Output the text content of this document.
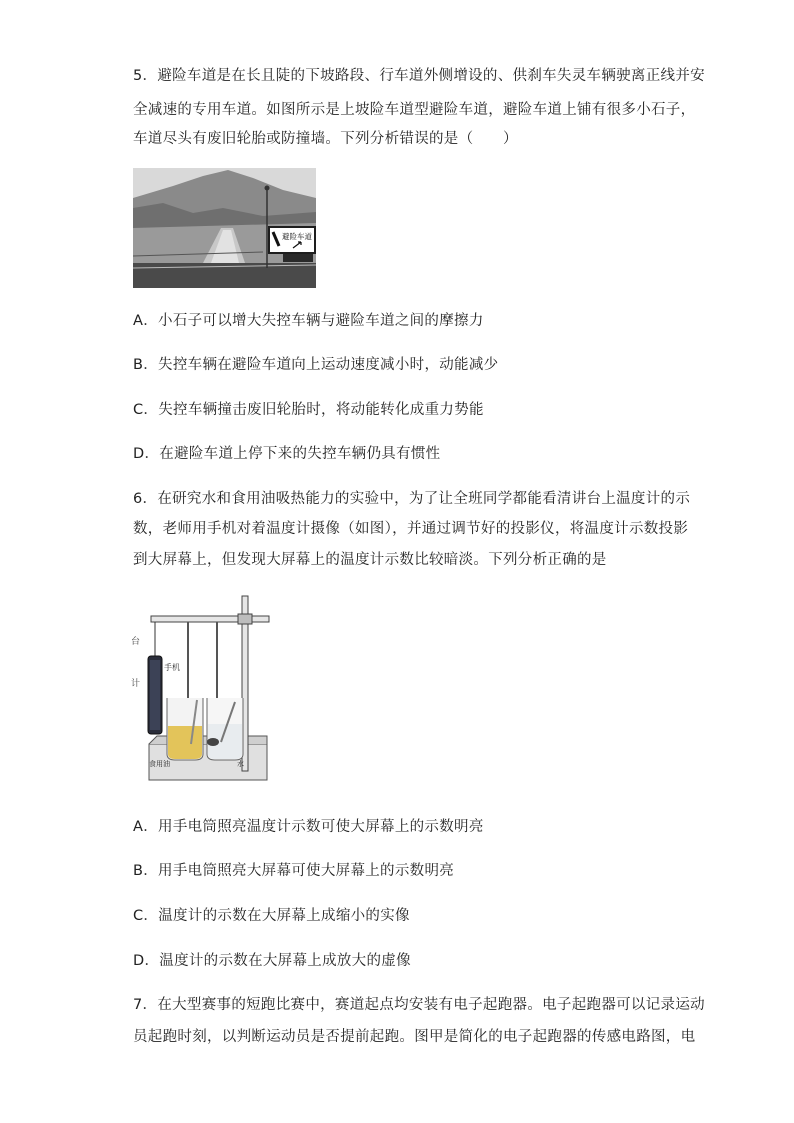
5．避险车道是在长且陡的下坡路段、行车道外侧增设的、供刹车失灵车辆驶离正线并安
全减速的专用车道。如图所示是上坡险车道型避险车道，避险车道上铺有很多小石子，
车道尽头有废旧轮胎或防撞墙。下列分析错误的是（　　）
避险车道
A．小石子可以增大失控车辆与避险车道之间的摩擦力
B．失控车辆在避险车道向上运动速度减小时，动能减少
C．失控车辆撞击废旧轮胎时，将动能转化成重力势能
D．在避险车道上停下来的失控车辆仍具有惯性
6．在研究水和食用油吸热能力的实验中，为了让全班同学都能看清讲台上温度计的示
数，老师用手机对着温度计摄像（如图），并通过调节好的投影仪，将温度计示数投影
到大屏幕上，但发现大屏幕上的温度计示数比较暗淡。下列分析正确的是
台
计
手机
食用油	水
A．用手电筒照亮温度计示数可使大屏幕上的示数明亮
B．用手电筒照亮大屏幕可使大屏幕上的示数明亮
C．温度计的示数在大屏幕上成缩小的实像
D．温度计的示数在大屏幕上成放大的虚像
7．在大型赛事的短跑比赛中，赛道起点均安装有电子起跑器。电子起跑器可以记录运动
员起跑时刻，以判断运动员是否提前起跑。图甲是简化的电子起跑器的传感电路图，电
